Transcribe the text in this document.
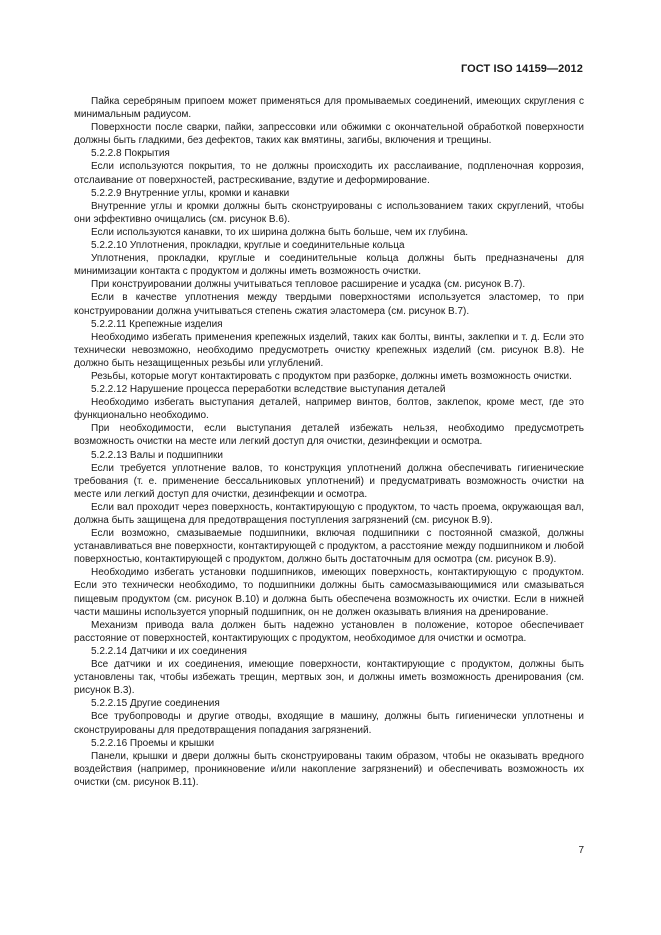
ГОСТ ISO 14159—2012

Пайка серебряным припоем может применяться для промываемых соединений, имеющих скругления с минимальным радиусом.

Поверхности после сварки, пайки, запрессовки или обжимки с окончательной обработкой поверхности должны быть гладкими, без дефектов, таких как вмятины, загибы, включения и трещины.

5.2.2.8 Покрытия

Если используются покрытия, то не должны происходить их расслаивание, подпленочная коррозия, отслаивание от поверхностей, растрескивание, вздутие и деформирование.

5.2.2.9 Внутренние углы, кромки и канавки

Внутренние углы и кромки должны быть сконструированы с использованием таких скруглений, чтобы они эффективно очищались (см. рисунок В.6).

Если используются канавки, то их ширина должна быть больше, чем их глубина.

5.2.2.10 Уплотнения, прокладки, круглые и соединительные кольца

Уплотнения, прокладки, круглые и соединительные кольца должны быть предназначены для минимизации контакта с продуктом и должны иметь возможность очистки.

При конструировании должны учитываться тепловое расширение и усадка (см. рисунок В.7).

Если в качестве уплотнения между твердыми поверхностями используется эластомер, то при конструировании должна учитываться степень сжатия эластомера (см. рисунок В.7).

5.2.2.11 Крепежные изделия

Необходимо избегать применения крепежных изделий, таких как болты, винты, заклепки и т. д. Если это технически невозможно, необходимо предусмотреть очистку крепежных изделий (см. рисунок В.8). Не должно быть незащищенных резьбы или углублений.

Резьбы, которые могут контактировать с продуктом при разборке, должны иметь возможность очистки.

5.2.2.12 Нарушение процесса переработки вследствие выступания деталей

Необходимо избегать выступания деталей, например винтов, болтов, заклепок, кроме мест, где это функционально необходимо.

При необходимости, если выступания деталей избежать нельзя, необходимо предусмотреть возможность очистки на месте или легкий доступ для очистки, дезинфекции и осмотра.

5.2.2.13 Валы и подшипники

Если требуется уплотнение валов, то конструкция уплотнений должна обеспечивать гигиенические требования (т. е. применение бессальниковых уплотнений) и предусматривать возможность очистки на месте или легкий доступ для очистки, дезинфекции и осмотра.

Если вал проходит через поверхность, контактирующую с продуктом, то часть проема, окружающая вал, должна быть защищена для предотвращения поступления загрязнений (см. рисунок В.9).

Если возможно, смазываемые подшипники, включая подшипники с постоянной смазкой, должны устанавливаться вне поверхности, контактирующей с продуктом, а расстояние между подшипником и любой поверхностью, контактирующей с продуктом, должно быть достаточным для осмотра (см. рисунок В.9).

Необходимо избегать установки подшипников, имеющих поверхность, контактирующую с продуктом. Если это технически необходимо, то подшипники должны быть самосмазывающимися или смазываться пищевым продуктом (см. рисунок В.10) и должна быть обеспечена возможность их очистки. Если в нижней части машины используется упорный подшипник, он не должен оказывать влияния на дренирование.

Механизм привода вала должен быть надежно установлен в положение, которое обеспечивает расстояние от поверхностей, контактирующих с продуктом, необходимое для очистки и осмотра.

5.2.2.14 Датчики и их соединения

Все датчики и их соединения, имеющие поверхности, контактирующие с продуктом, должны быть установлены так, чтобы избежать трещин, мертвых зон, и должны иметь возможность дренирования (см. рисунок В.3).

5.2.2.15 Другие соединения

Все трубопроводы и другие отводы, входящие в машину, должны быть гигиенически уплотнены и сконструированы для предотвращения попадания загрязнений.

5.2.2.16 Проемы и крышки

Панели, крышки и двери должны быть сконструированы таким образом, чтобы не оказывать вредного воздействия (например, проникновение и/или накопление загрязнений) и обеспечивать возможность их очистки (см. рисунок В.11).

7
